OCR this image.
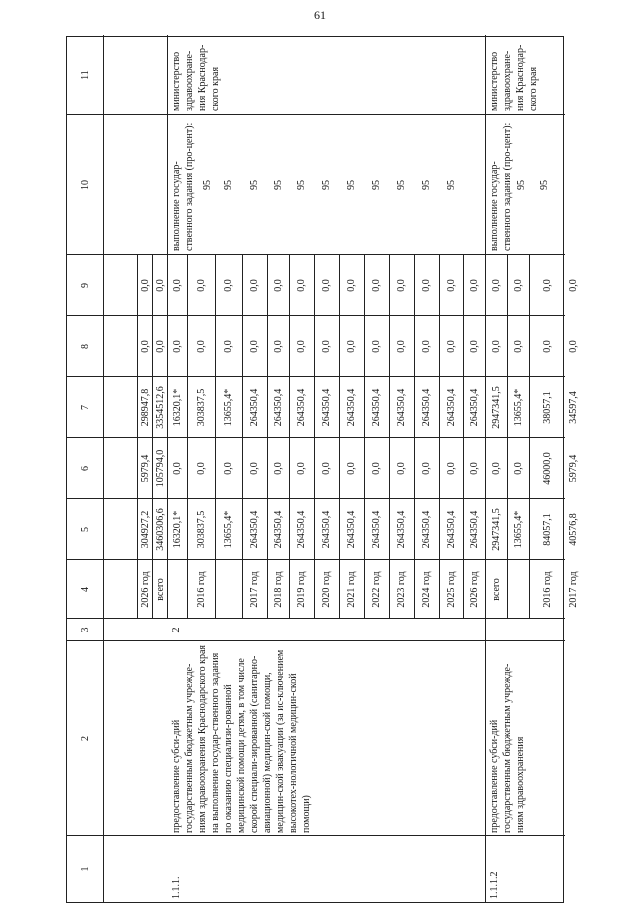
61
1
2
3
4
5
6
7
8
9
10
11
2026 год
304927,2
5979,4
298947,8
0,0
0,0
всего
3460306,6
105794,0
3354512,6
0,0
0,0
16320,1*
0,0
16320,1*
0,0
0,0
2016 год
303837,5
0,0
303837,5
0,0
0,0
13655,4*
0,0
13655,4*
0,0
0,0
2017 год
264350,4
0,0
264350,4
0,0
0,0
2018 год
264350,4
0,0
264350,4
0,0
0,0
2019 год
264350,4
0,0
264350,4
0,0
0,0
2020 год
264350,4
0,0
264350,4
0,0
0,0
2021 год
264350,4
0,0
264350,4
0,0
0,0
2022 год
264350,4
0,0
264350,4
0,0
0,0
2023 год
264350,4
0,0
264350,4
0,0
0,0
2024 год
264350,4
0,0
264350,4
0,0
0,0
2025 год
264350,4
0,0
264350,4
0,0
0,0
2026 год
264350,4
0,0
264350,4
0,0
0,0
всего
2947341,5
0,0
2947341,5
0,0
0,0
13655,4*
0,0
13655,4*
0,0
0,0
2016 год
84057,1
46000,0
38057,1
0,0
0,0
2017 год
40576,8
5979,4
34597,4
0,0
0,0
1.1.1.
предоставление субси-дий государственным бюджетным учрежде-ниям здравоохранения Краснодарского края на выполнение государ-ственного задания по оказанию специализи-рованной медицинской помощи детям, в том числе скорой специали-зированной (санитарно-авиационной) медицин-ской помощи, медицин-ской эвакуации (за ис-ключением высокотех-нологичной медицин-ской помощи)
2
выполнение государ-ственного задания (про-цент):
министерство здравоохране-ния Краснодар-ского края
95 95 95 95 95 95 95 95 95 95 95
1.1.1.2
предоставление субси-дий государственным бюджетным учрежде-ниям здравоохранения
выполнение государ-ственного задания (про-цент):
министерство здравоохране-ния Краснодар-ского края
95 95
